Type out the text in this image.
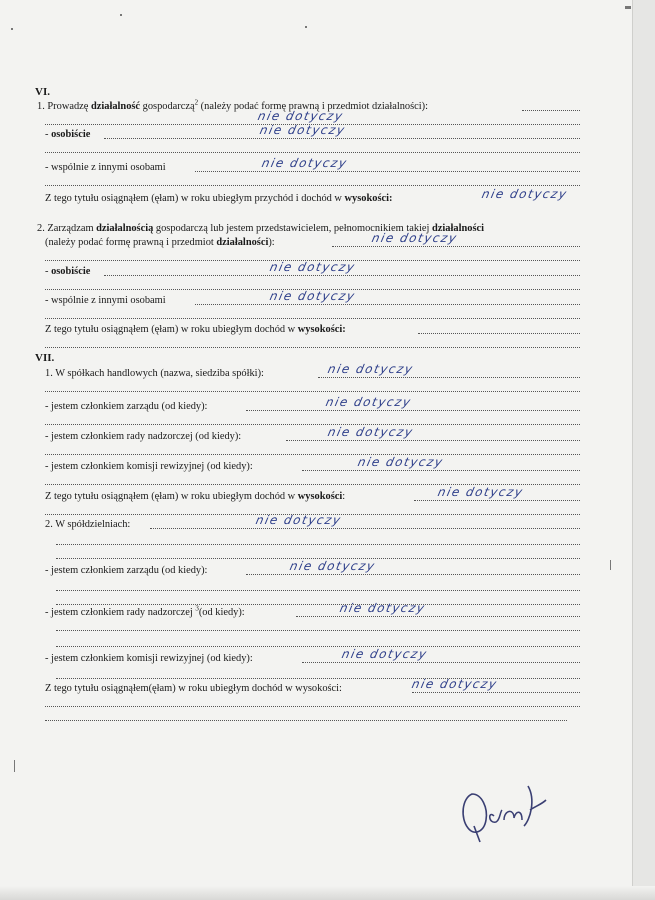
VI.
1. Prowadzę działalność gospodarczą$^2$ (należy podać formę prawną i przedmiot działalności):
nie dotyczy
- osobiście	nie dotyczy
- wspólnie z innymi osobami	nie dotyczy
Z tego tytułu osiągnąłem (ęłam) w roku ubiegłym przychód i dochód w wysokości:	nie dotyczy
2. Zarządzam działalnością gospodarczą lub jestem przedstawicielem, pełnomocnikiem takiej działalności
(należy podać formę prawną i przedmiot działalności):	nie dotyczy
- osobiście	nie dotyczy
- wspólnie z innymi osobami	nie dotyczy
Z tego tytułu osiągnąłem (ęłam) w roku ubiegłym dochód w wysokości:
VII.
1. W spółkach handlowych (nazwa, siedziba spółki):	nie dotyczy
- jestem członkiem zarządu (od kiedy):	nie dotyczy
- jestem członkiem rady nadzorczej (od kiedy):	nie dotyczy
- jestem członkiem komisji rewizyjnej (od kiedy):	nie dotyczy
Z tego tytułu osiągnąłem (ęłam) w roku ubiegłym dochód w wysokości:	nie dotyczy
2. W spółdzielniach:	nie dotyczy
- jestem członkiem zarządu (od kiedy):	nie dotyczy
- jestem członkiem rady nadzorczej $^3$(od kiedy):	nie dotyczy
- jestem członkiem komisji rewizyjnej (od kiedy):	nie dotyczy
Z tego tytułu osiągnąłem(ęłam) w roku ubiegłym dochód w wysokości:	nie dotyczy
